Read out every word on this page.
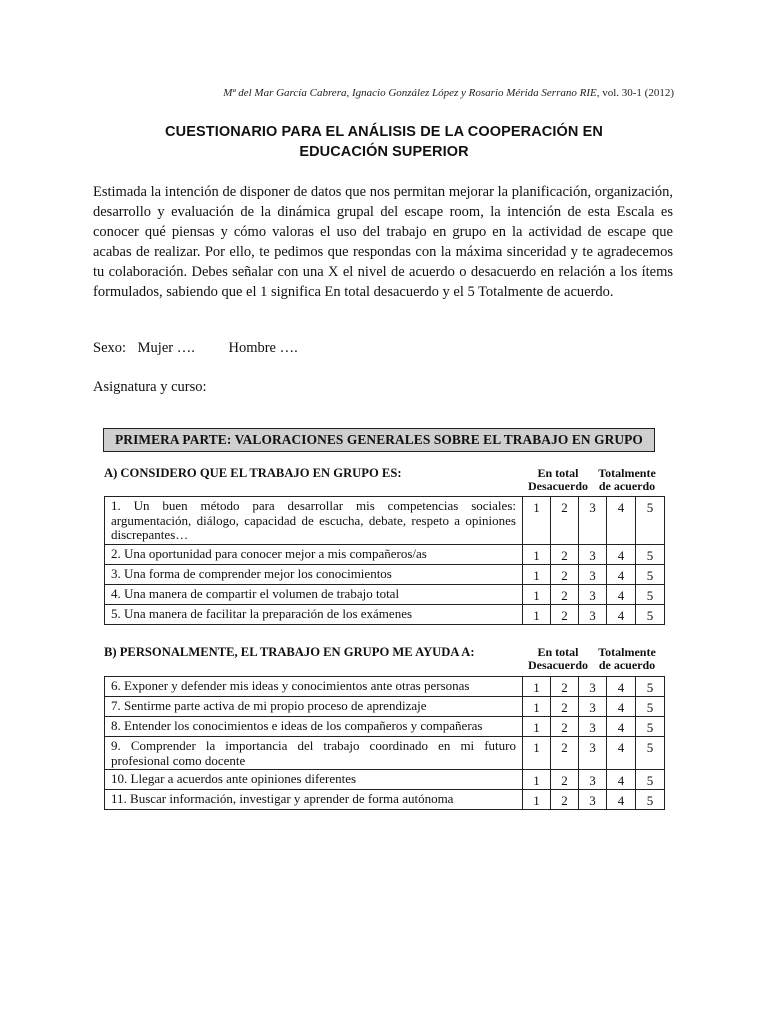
Mª del Mar García Cabrera, Ignacio González López y Rosario Mérida Serrano RIE, vol. 30-1 (2012)
CUESTIONARIO PARA EL ANÁLISIS DE LA COOPERACIÓN EN
EDUCACIÓN SUPERIOR
Estimada la intención de disponer de datos que nos permitan mejorar la planificación, organización, desarrollo y evaluación de la dinámica grupal del escape room, la intención de esta Escala es conocer qué piensas y cómo valoras el uso del trabajo en grupo en la actividad de escape que acabas de realizar. Por ello, te pedimos que respondas con la máxima sinceridad y te agradecemos tu colaboración. Debes señalar con una X el nivel de acuerdo o desacuerdo en relación a los ítems formulados, sabiendo que el 1 significa En total desacuerdo y el 5 Totalmente de acuerdo.
Sexo: Mujer …. Hombre ….
Asignatura y curso:
PRIMERA PARTE: VALORACIONES GENERALES SOBRE EL TRABAJO EN GRUPO
A) CONSIDERO QUE EL TRABAJO EN GRUPO ES:	En total
Desacuerdo
Totalmente
de acuerdo
1. Un buen método para desarrollar mis competencias sociales: argumentación, diálogo, capacidad de escucha, debate, respeto a opiniones discrepantes…	1	2	3	4	5
2. Una oportunidad para conocer mejor a mis compañeros/as	1	2	3	4	5
3. Una forma de comprender mejor los conocimientos	1	2	3	4	5
4. Una manera de compartir el volumen de trabajo total	1	2	3	4	5
5. Una manera de facilitar la preparación de los exámenes	1	2	3	4	5
B) PERSONALMENTE, EL TRABAJO EN GRUPO ME AYUDA A:	En total
Desacuerdo
Totalmente
de acuerdo
6. Exponer y defender mis ideas y conocimientos ante otras personas	1	2	3	4	5
7. Sentirme parte activa de mi propio proceso de aprendizaje	1	2	3	4	5
8. Entender los conocimientos e ideas de los compañeros y compañeras	1	2	3	4	5
9. Comprender la importancia del trabajo coordinado en mi futuro profesional como docente	1	2	3	4	5
10. Llegar a acuerdos ante opiniones diferentes	1	2	3	4	5
11. Buscar información, investigar y aprender de forma autónoma	1	2	3	4	5
